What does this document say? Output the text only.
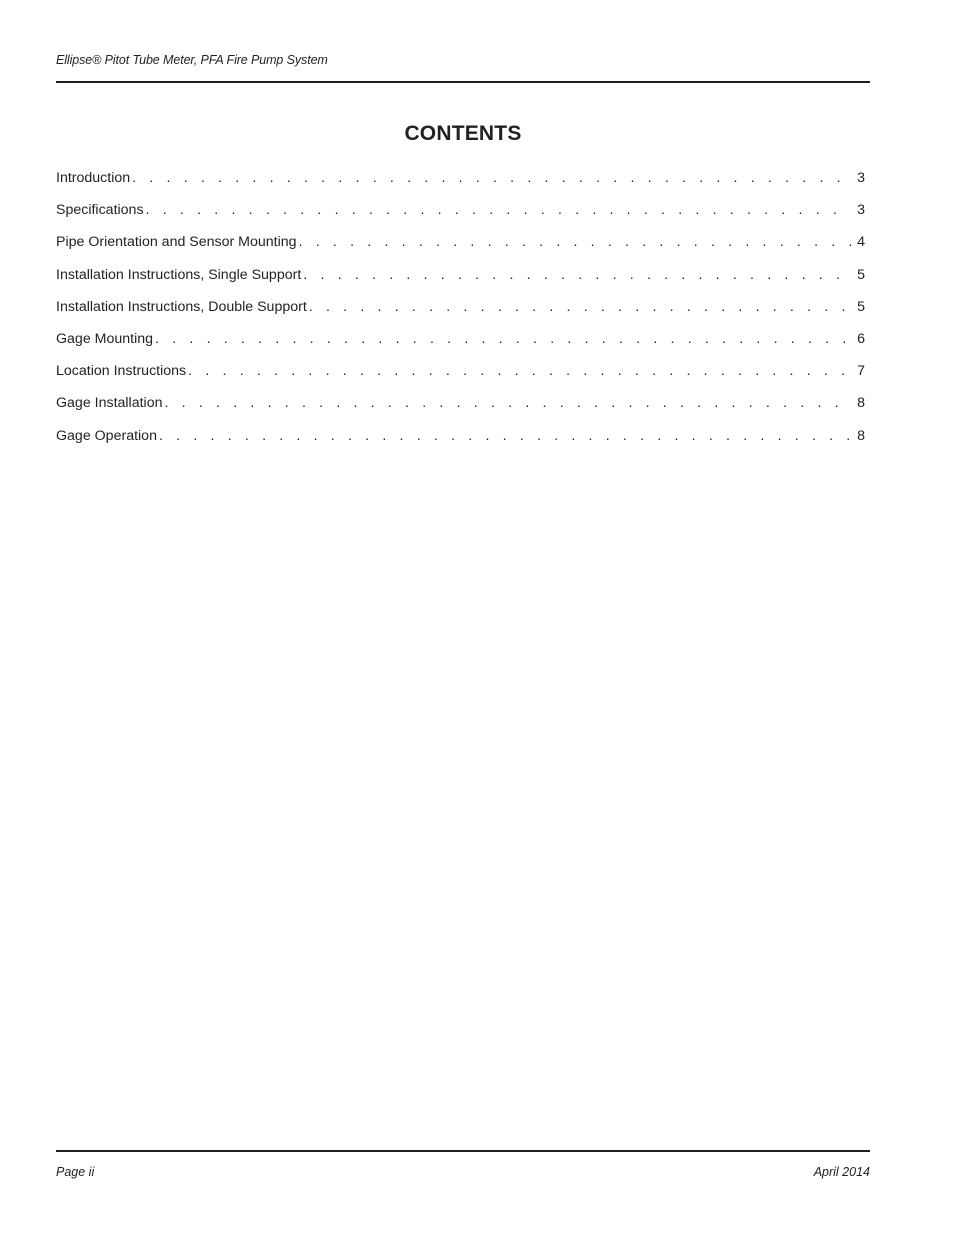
Ellipse® Pitot Tube Meter, PFA Fire Pump System
CONTENTS
Introduction . . .	3
Specifications . . .	3
Pipe Orientation and Sensor Mounting . . .	4
Installation Instructions, Single Support . . .	5
Installation Instructions, Double Support . . .	5
Gage Mounting . . .	6
Location Instructions . . .	7
Gage Installation . . .	8
Gage Operation . . .	8
Page ii	April 2014
